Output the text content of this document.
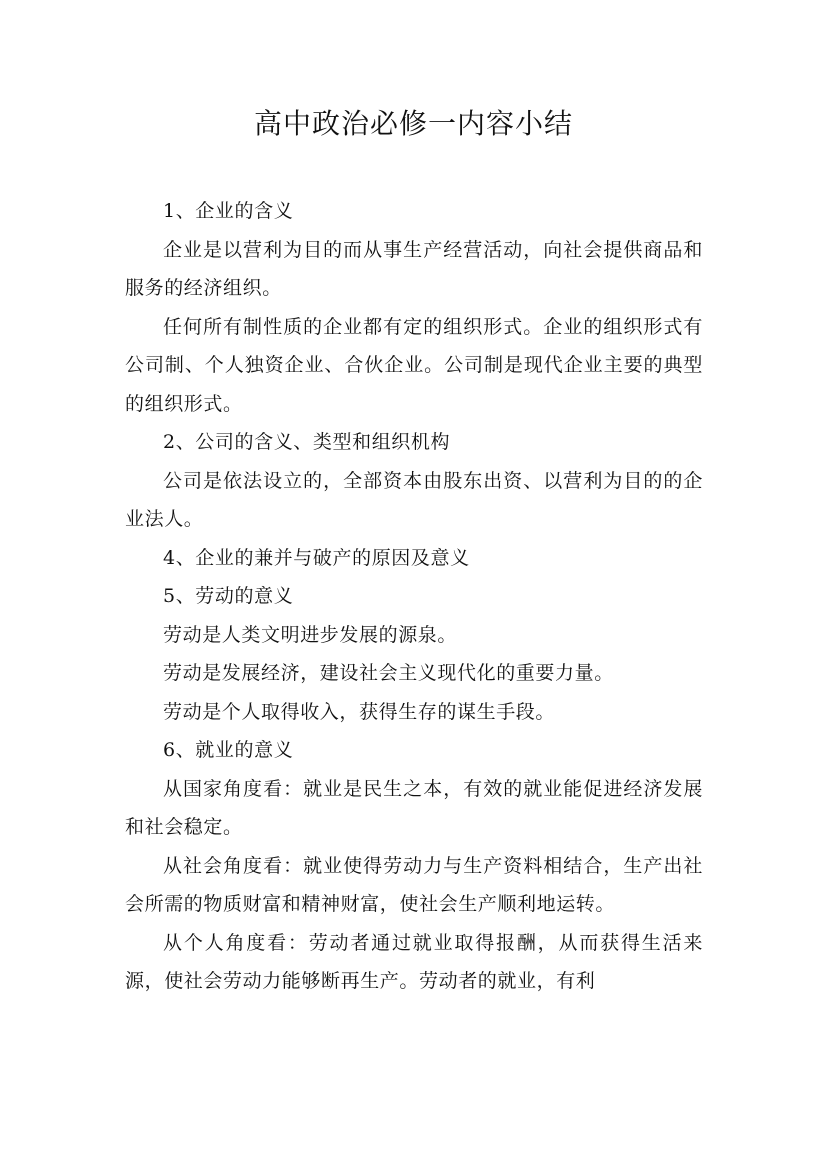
高中政治必修一内容小结

1、企业的含义

企业是以营利为目的而从事生产经营活动，向社会提供商品和服务的经济组织。

任何所有制性质的企业都有定的组织形式。企业的组织形式有公司制、个人独资企业、合伙企业。公司制是现代企业主要的典型的组织形式。

2、公司的含义、类型和组织机构

公司是依法设立的，全部资本由股东出资、以营利为目的的企业法人。

4、企业的兼并与破产的原因及意义

5、劳动的意义

劳动是人类文明进步发展的源泉。

劳动是发展经济，建设社会主义现代化的重要力量。

劳动是个人取得收入，获得生存的谋生手段。

6、就业的意义

从国家角度看：就业是民生之本，有效的就业能促进经济发展和社会稳定。

从社会角度看：就业使得劳动力与生产资料相结合，生产出社会所需的物质财富和精神财富，使社会生产顺利地运转。

从个人角度看：劳动者通过就业取得报酬，从而获得生活来源，使社会劳动力能够断再生产。劳动者的就业，有利
